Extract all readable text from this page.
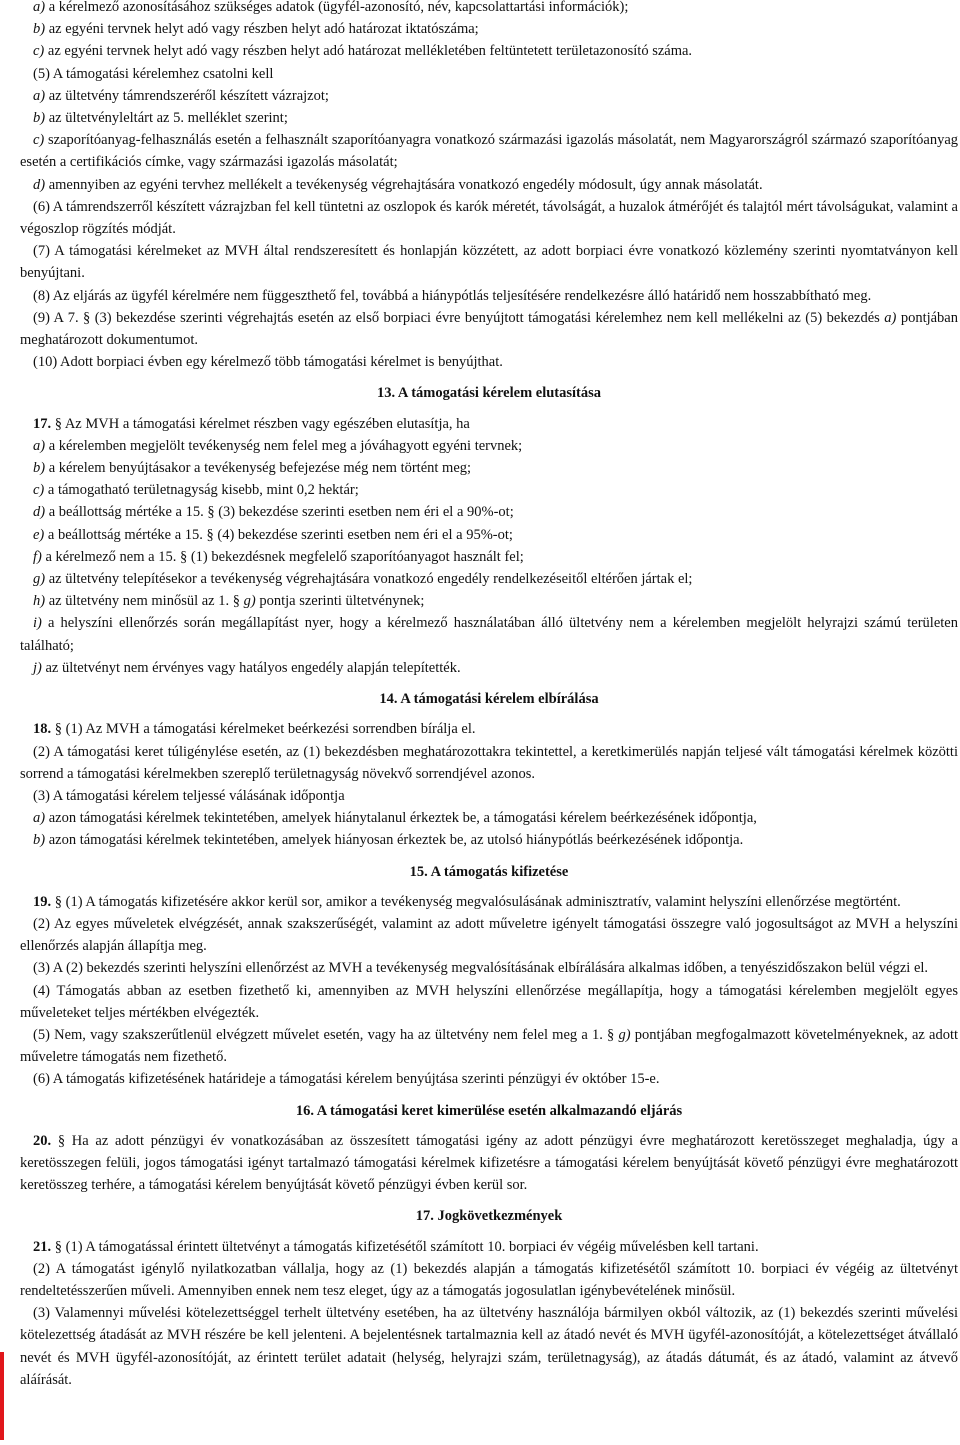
a) a kérelmező azonosításához szükséges adatok (ügyfél-azonosító, név, kapcsolattartási információk);

b) az egyéni tervnek helyt adó vagy részben helyt adó határozat iktatószáma;

c) az egyéni tervnek helyt adó vagy részben helyt adó határozat mellékletében feltüntetett területazonosító száma.

(5) A támogatási kérelemhez csatolni kell

a) az ültetvény támrendszeréről készített vázrajzot;

b) az ültetvényleltárt az 5. melléklet szerint;

c) szaporítóanyag-felhasználás esetén a felhasznált szaporítóanyagra vonatkozó származási igazolás másolatát, nem Magyarországról származó szaporítóanyag esetén a certifikációs címke, vagy származási igazolás másolatát;

d) amennyiben az egyéni tervhez mellékelt a tevékenység végrehajtására vonatkozó engedély módosult, úgy annak másolatát.

(6) A támrendszerről készített vázrajzban fel kell tüntetni az oszlopok és karók méretét, távolságát, a huzalok átmérőjét és talajtól mért távolságukat, valamint a végoszlop rögzítés módját.

(7) A támogatási kérelmeket az MVH által rendszeresített és honlapján közzétett, az adott borpiaci évre vonatkozó közlemény szerinti nyomtatványon kell benyújtani.

(8) Az eljárás az ügyfél kérelmére nem függeszthető fel, továbbá a hiánypótlás teljesítésére rendelkezésre álló határidő nem hosszabbítható meg.

(9) A 7. § (3) bekezdése szerinti végrehajtás esetén az első borpiaci évre benyújtott támogatási kérelemhez nem kell mellékelni az (5) bekezdés a) pontjában meghatározott dokumentumot.

(10) Adott borpiaci évben egy kérelmező több támogatási kérelmet is benyújthat.

13. A támogatási kérelem elutasítása

17. § Az MVH a támogatási kérelmet részben vagy egészében elutasítja, ha

a) a kérelemben megjelölt tevékenység nem felel meg a jóváhagyott egyéni tervnek;

b) a kérelem benyújtásakor a tevékenység befejezése még nem történt meg;

c) a támogatható területnagyság kisebb, mint 0,2 hektár;

d) a beállottság mértéke a 15. § (3) bekezdése szerinti esetben nem éri el a 90%-ot;

e) a beállottság mértéke a 15. § (4) bekezdése szerinti esetben nem éri el a 95%-ot;

f) a kérelmező nem a 15. § (1) bekezdésnek megfelelő szaporítóanyagot használt fel;

g) az ültetvény telepítésekor a tevékenység végrehajtására vonatkozó engedély rendelkezéseitől eltérően jártak el;

h) az ültetvény nem minősül az 1. § g) pontja szerinti ültetvénynek;

i) a helyszíni ellenőrzés során megállapítást nyer, hogy a kérelmező használatában álló ültetvény nem a kérelemben megjelölt helyrajzi számú területen található;

j) az ültetvényt nem érvényes vagy hatályos engedély alapján telepítették.

14. A támogatási kérelem elbírálása

18. § (1) Az MVH a támogatási kérelmeket beérkezési sorrendben bírálja el.

(2) A támogatási keret túligénylése esetén, az (1) bekezdésben meghatározottakra tekintettel, a keretkimerülés napján teljesé vált támogatási kérelmek közötti sorrend a támogatási kérelmekben szereplő területnagyság növekvő sorrendjével azonos.

(3) A támogatási kérelem teljessé válásának időpontja

a) azon támogatási kérelmek tekintetében, amelyek hiánytalanul érkeztek be, a támogatási kérelem beérkezésének időpontja,

b) azon támogatási kérelmek tekintetében, amelyek hiányosan érkeztek be, az utolsó hiánypótlás beérkezésének időpontja.

15. A támogatás kifizetése

19. § (1) A támogatás kifizetésére akkor kerül sor, amikor a tevékenység megvalósulásának adminisztratív, valamint helyszíni ellenőrzése megtörtént.

(2) Az egyes műveletek elvégzését, annak szakszerűségét, valamint az adott műveletre igényelt támogatási összegre való jogosultságot az MVH a helyszíni ellenőrzés alapján állapítja meg.

(3) A (2) bekezdés szerinti helyszíni ellenőrzést az MVH a tevékenység megvalósításának elbírálására alkalmas időben, a tenyészidőszakon belül végzi el.

(4) Támogatás abban az esetben fizethető ki, amennyiben az MVH helyszíni ellenőrzése megállapítja, hogy a támogatási kérelemben megjelölt egyes műveleteket teljes mértékben elvégezték.

(5) Nem, vagy szakszerűtlenül elvégzett művelet esetén, vagy ha az ültetvény nem felel meg a 1. § g) pontjában megfogalmazott követelményeknek, az adott műveletre támogatás nem fizethető.

(6) A támogatás kifizetésének határideje a támogatási kérelem benyújtása szerinti pénzügyi év október 15-e.

16. A támogatási keret kimerülése esetén alkalmazandó eljárás

20. § Ha az adott pénzügyi év vonatkozásában az összesített támogatási igény az adott pénzügyi évre meghatározott keretösszeget meghaladja, úgy a keretösszegen felüli, jogos támogatási igényt tartalmazó támogatási kérelmek kifizetésre a támogatási kérelem benyújtását követő pénzügyi évre meghatározott keretösszeg terhére, a támogatási kérelem benyújtását követő pénzügyi évben kerül sor.

17. Jogkövetkezmények

21. § (1) A támogatással érintett ültetvényt a támogatás kifizetésétől számított 10. borpiaci év végéig művelésben kell tartani.

(2) A támogatást igénylő nyilatkozatban vállalja, hogy az (1) bekezdés alapján a támogatás kifizetésétől számított 10. borpiaci év végéig az ültetvényt rendeltetésszerűen műveli. Amennyiben ennek nem tesz eleget, úgy az a támogatás jogosulatlan igénybevételének minősül.

(3) Valamennyi művelési kötelezettséggel terhelt ültetvény esetében, ha az ültetvény használója bármilyen okból változik, az (1) bekezdés szerinti művelési kötelezettség átadását az MVH részére be kell jelenteni. A bejelentésnek tartalmaznia kell az átadó nevét és MVH ügyfél-azonosítóját, a kötelezettséget átvállaló nevét és MVH ügyfél-azonosítóját, az érintett terület adatait (helység, helyrajzi szám, területnagyság), az átadás dátumát, és az átadó, valamint az átvevő aláírását.
